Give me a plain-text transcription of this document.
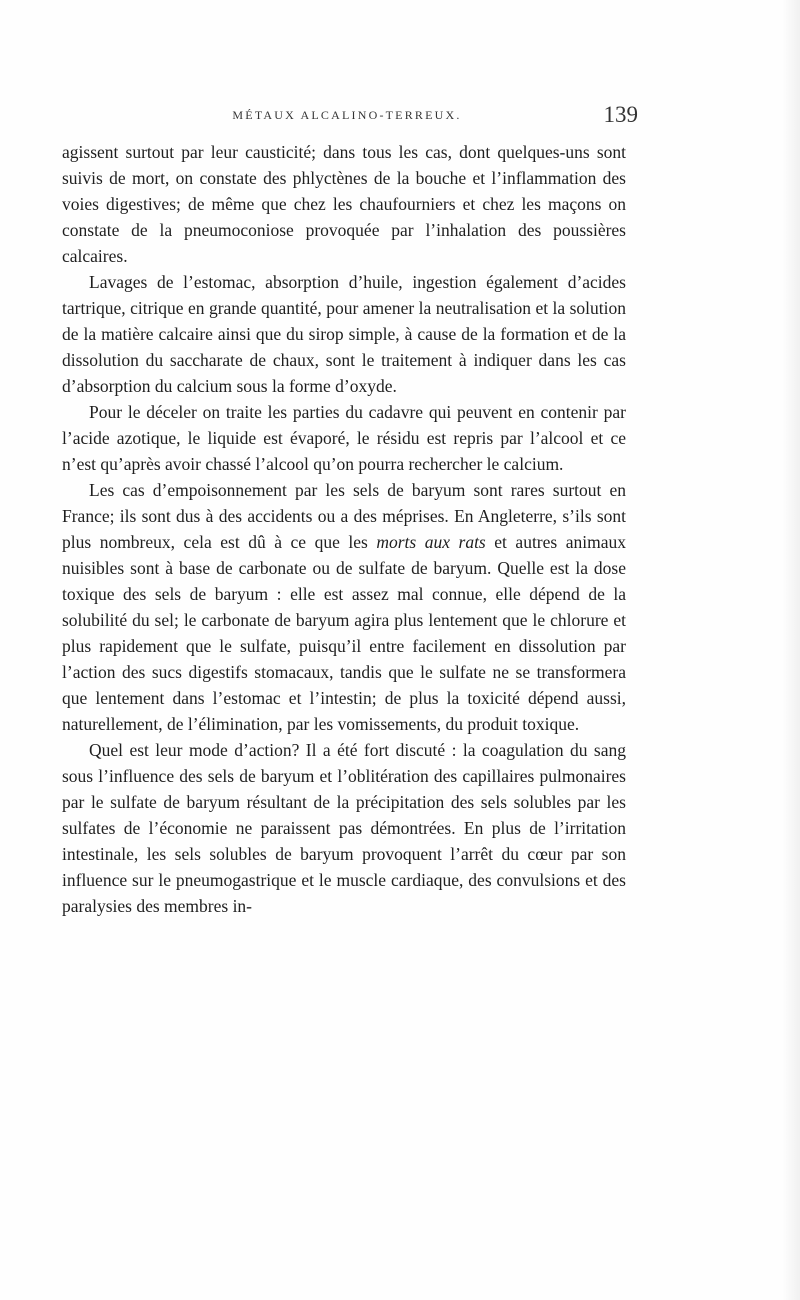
MÉTAUX ALCALINO-TERREUX.	139

agissent surtout par leur causticité; dans tous les cas, dont quelques-uns sont suivis de mort, on constate des phlyctènes de la bouche et l’inflammation des voies digestives; de même que chez les chaufourniers et chez les maçons on constate de la pneumoconiose provoquée par l’inhalation des poussières calcaires.

Lavages de l’estomac, absorption d’huile, ingestion également d’acides tartrique, citrique en grande quantité, pour amener la neutralisation et la solution de la matière calcaire ainsi que du sirop simple, à cause de la formation et de la dissolution du saccharate de chaux, sont le traitement à indiquer dans les cas d’absorption du calcium sous la forme d’oxyde.

Pour le déceler on traite les parties du cadavre qui peuvent en contenir par l’acide azotique, le liquide est évaporé, le résidu est repris par l’alcool et ce n’est qu’après avoir chassé l’alcool qu’on pourra rechercher le calcium.

Les cas d’empoisonnement par les sels de baryum sont rares surtout en France; ils sont dus à des accidents ou a des méprises. En Angleterre, s’ils sont plus nombreux, cela est dû à ce que les morts aux rats et autres animaux nuisibles sont à base de carbonate ou de sulfate de baryum. Quelle est la dose toxique des sels de baryum : elle est assez mal connue, elle dépend de la solubilité du sel; le carbonate de baryum agira plus lentement que le chlorure et plus rapidement que le sulfate, puisqu’il entre facilement en dissolution par l’action des sucs digestifs stomacaux, tandis que le sulfate ne se transformera que lentement dans l’estomac et l’intestin; de plus la toxicité dépend aussi, naturellement, de l’élimination, par les vomissements, du produit toxique.

Quel est leur mode d’action? Il a été fort discuté : la coagulation du sang sous l’influence des sels de baryum et l’oblitération des capillaires pulmonaires par le sulfate de baryum résultant de la précipitation des sels solubles par les sulfates de l’économie ne paraissent pas démontrées. En plus de l’irritation intestinale, les sels solubles de baryum provoquent l’arrêt du cœur par son influence sur le pneumogastrique et le muscle cardiaque, des convulsions et des paralysies des membres in-
